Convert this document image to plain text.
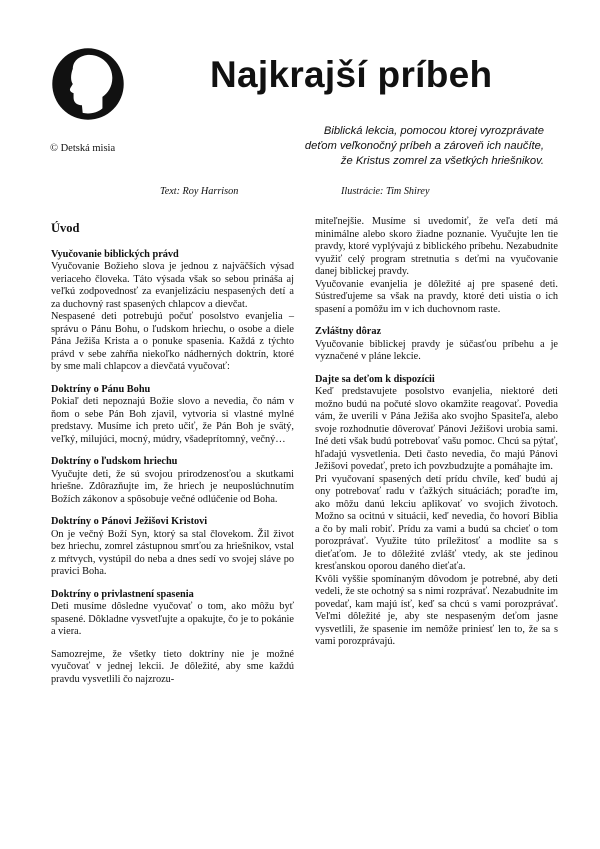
© Detská misia
Najkrajší príbeh
Biblická lekcia, pomocou ktorej vyrozprávate
deťom veľkonočný príbeh a zároveň ich naučíte,
že Kristus zomrel za všetkých hriešnikov.
Text: Roy Harrison	Ilustrácie: Tim Shirey
Úvod
Vyučovanie biblických právd

Vyučovanie Božieho slova je jednou z najväčších výsad veriaceho človeka. Táto výsada však so sebou prináša aj veľkú zodpovednosť za evanjelizáciu nespasených detí a za duchovný rast spasených chlapcov a dievčat.

Nespasené deti potrebujú počuť posolstvo evanjelia – správu o Pánu Bohu, o ľudskom hriechu, o osobe a diele Pána Ježiša Krista a o ponuke spasenia. Každá z týchto právd v sebe zahŕňa niekoľko nádherných doktrín, ktoré by sme mali chlapcov a dievčatá vyučovať:

Doktríny o Pánu Bohu

Pokiaľ deti nepoznajú Božie slovo a nevedia, čo nám v ňom o sebe Pán Boh zjavil, vytvoria si vlastné mylné predstavy. Musíme ich preto učiť, že Pán Boh je svätý, veľký, milujúci, mocný, múdry, všadeprítomný, večný…

Doktríny o ľudskom hriechu

Vyučujte deti, že sú svojou prirodzenosťou a skutkami hriešne. Zdôrazňujte im, že hriech je neuposlúchnutím Božích zákonov a spôsobuje večné odlúčenie od Boha.

Doktríny o Pánovi Ježišovi Kristovi

On je večný Boží Syn, ktorý sa stal človekom. Žil život bez hriechu, zomrel zástupnou smrťou za hriešnikov, vstal z mŕtvych, vystúpil do neba a dnes sedí vo svojej sláve po pravici Boha.

Doktríny o privlastnení spasenia

Deti musíme dôsledne vyučovať o tom, ako môžu byť spasené. Dôkladne vysvetľujte a opakujte, čo je to pokánie a viera.

Samozrejme, že všetky tieto doktríny nie je možné vyučovať v jednej lekcii. Je dôležité, aby sme každú pravdu vysvetlili čo najzrozu-

miteľnejšie. Musíme si uvedomiť, že veľa detí má minimálne alebo skoro žiadne poznanie. Vyučujte len tie pravdy, ktoré vyplývajú z biblického príbehu. Nezabudnite využiť celý program stretnutia s deťmi na vyučovanie danej biblickej pravdy.

Vyučovanie evanjelia je dôležité aj pre spasené deti. Sústreďujeme sa však na pravdy, ktoré deti uistia o ich spasení a pomôžu im v ich duchovnom raste.

Zvláštny dôraz

Vyučovanie biblickej pravdy je súčasťou príbehu a je vyznačené v pláne lekcie.

Dajte sa deťom k dispozícii

Keď predstavujete posolstvo evanjelia, niektoré deti možno budú na počuté slovo okamžite reagovať. Povedia vám, že uverili v Pána Ježiša ako svojho Spasiteľa, alebo svoje rozhodnutie dôverovať Pánovi Ježišovi urobia sami. Iné deti však budú potrebovať vašu pomoc. Chcú sa pýtať, hľadajú vysvetlenia. Deti často nevedia, čo majú Pánovi Ježišovi povedať, preto ich povzbudzujte a pomáhajte im.

Pri vyučovaní spasených detí prídu chvíle, keď budú aj ony potrebovať radu v ťažkých situáciách; poraďte im, ako môžu danú lekciu aplikovať vo svojich životoch. Možno sa ocitnú v situácii, keď nevedia, čo hovorí Biblia a čo by mali robiť. Prídu za vami a budú sa chcieť o tom porozprávať. Využite túto príležitosť a modlite sa s dieťaťom. Je to dôležité zvlášť vtedy, ak ste jedinou kresťanskou oporou daného dieťaťa.

Kvôli vyššie spomínaným dôvodom je potrebné, aby deti vedeli, že ste ochotný sa s nimi rozprávať. Nezabudnite im povedať, kam majú ísť, keď sa chcú s vami porozprávať. Veľmi dôležité je, aby ste nespaseným deťom jasne vysvetlili, že spasenie im nemôže priniesť len to, že sa s vami porozprávajú.
